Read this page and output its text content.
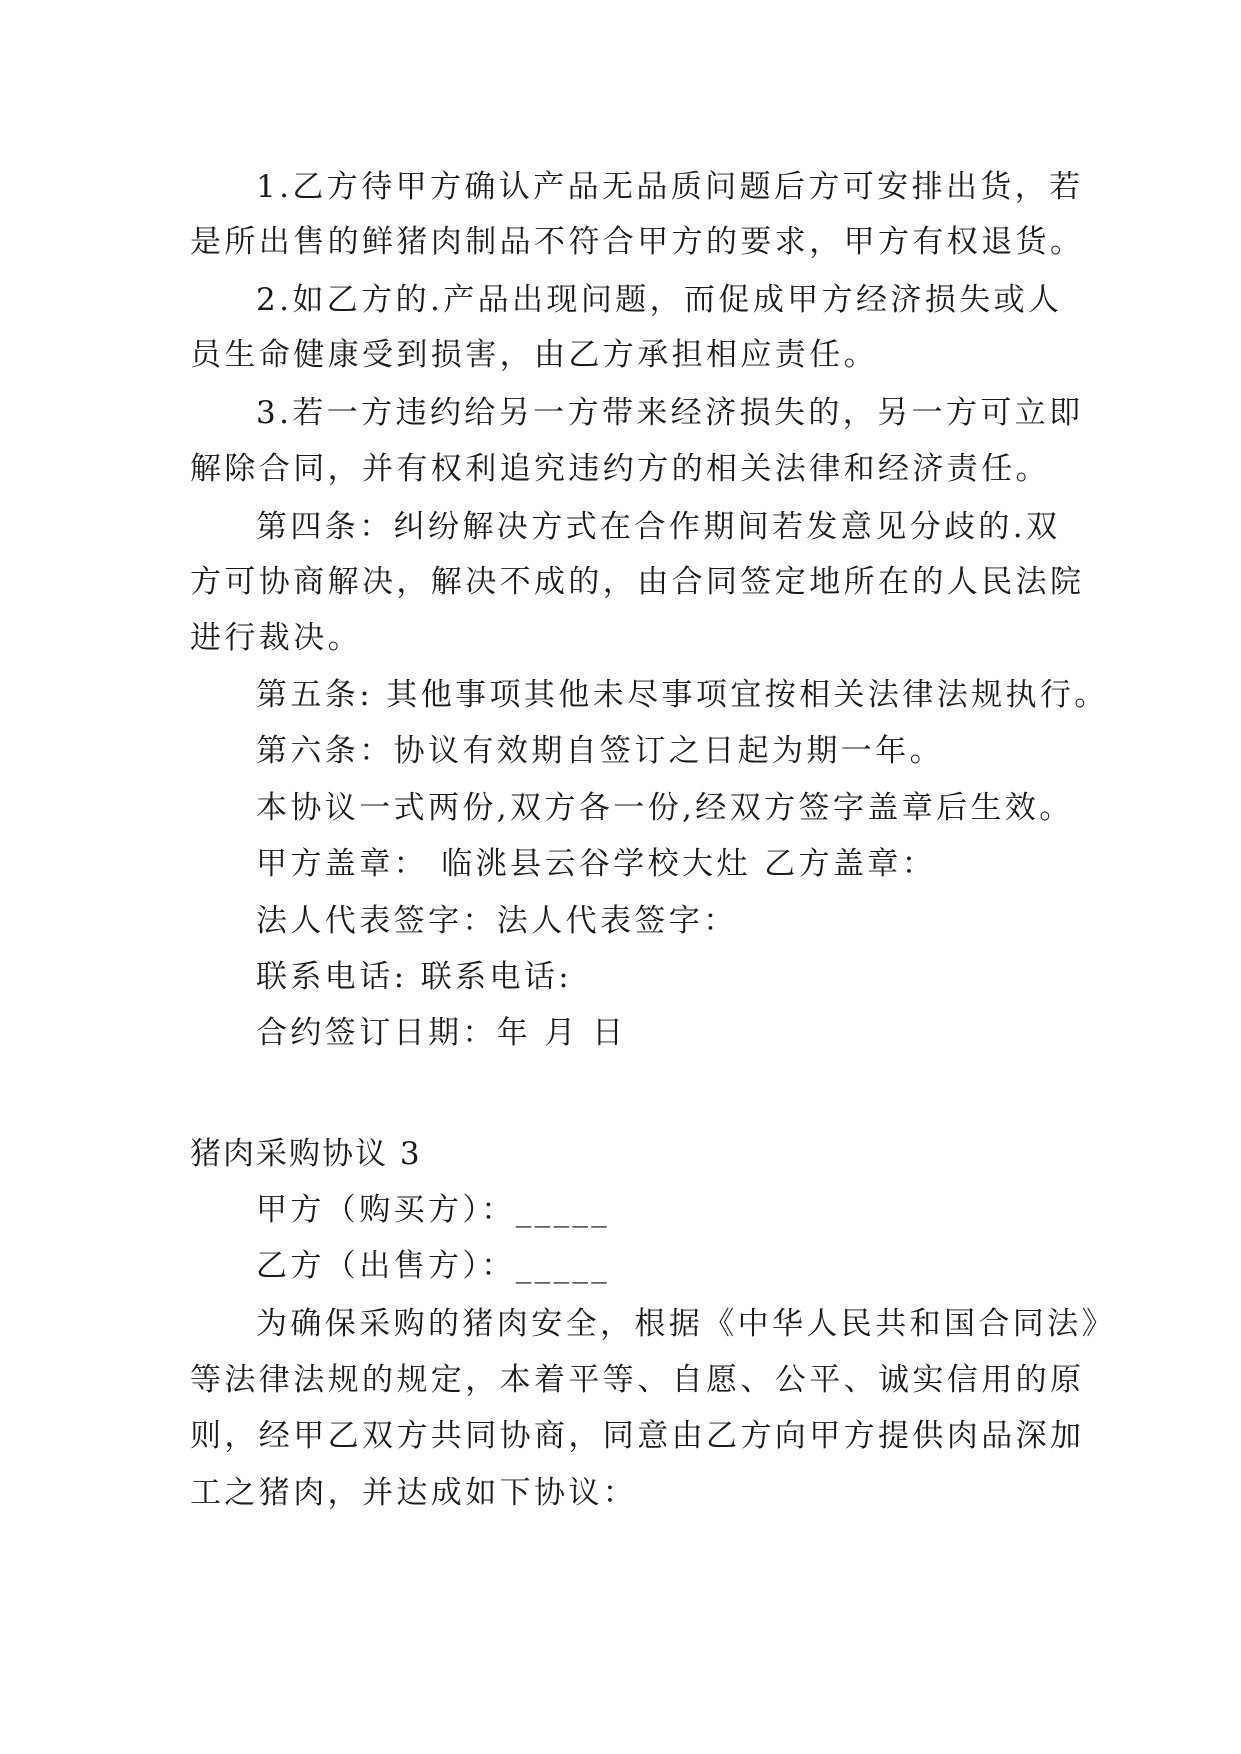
1.乙方待甲方确认产品无品质问题后方可安排出货，若
是所出售的鲜猪肉制品不符合甲方的要求，甲方有权退货。
2.如乙方的.产品出现问题，而促成甲方经济损失或人
员生命健康受到损害，由乙方承担相应责任。
3.若一方违约给另一方带来经济损失的，另一方可立即
解除合同，并有权利追究违约方的相关法律和经济责任。
第四条：纠纷解决方式在合作期间若发意见分歧的.双
方可协商解决，解决不成的，由合同签定地所在的人民法院
进行裁决。
第五条: 其他事项其他未尽事项宜按相关法律法规执行。
第六条：协议有效期自签订之日起为期一年。
本协议一式两份,双方各一份,经双方签字盖章后生效。
甲方盖章： 临洮县云谷学校大灶 乙方盖章：
法人代表签字：法人代表签字：
联系电话: 联系电话:
合约签订日期：年 月 日
猪肉采购协议 3
甲方（购买方）：_____
乙方（出售方）：_____
为确保采购的猪肉安全，根据《中华人民共和国合同法》
等法律法规的规定，本着平等、自愿、公平、诚实信用的原
则，经甲乙双方共同协商，同意由乙方向甲方提供肉品深加
工之猪肉，并达成如下协议：
